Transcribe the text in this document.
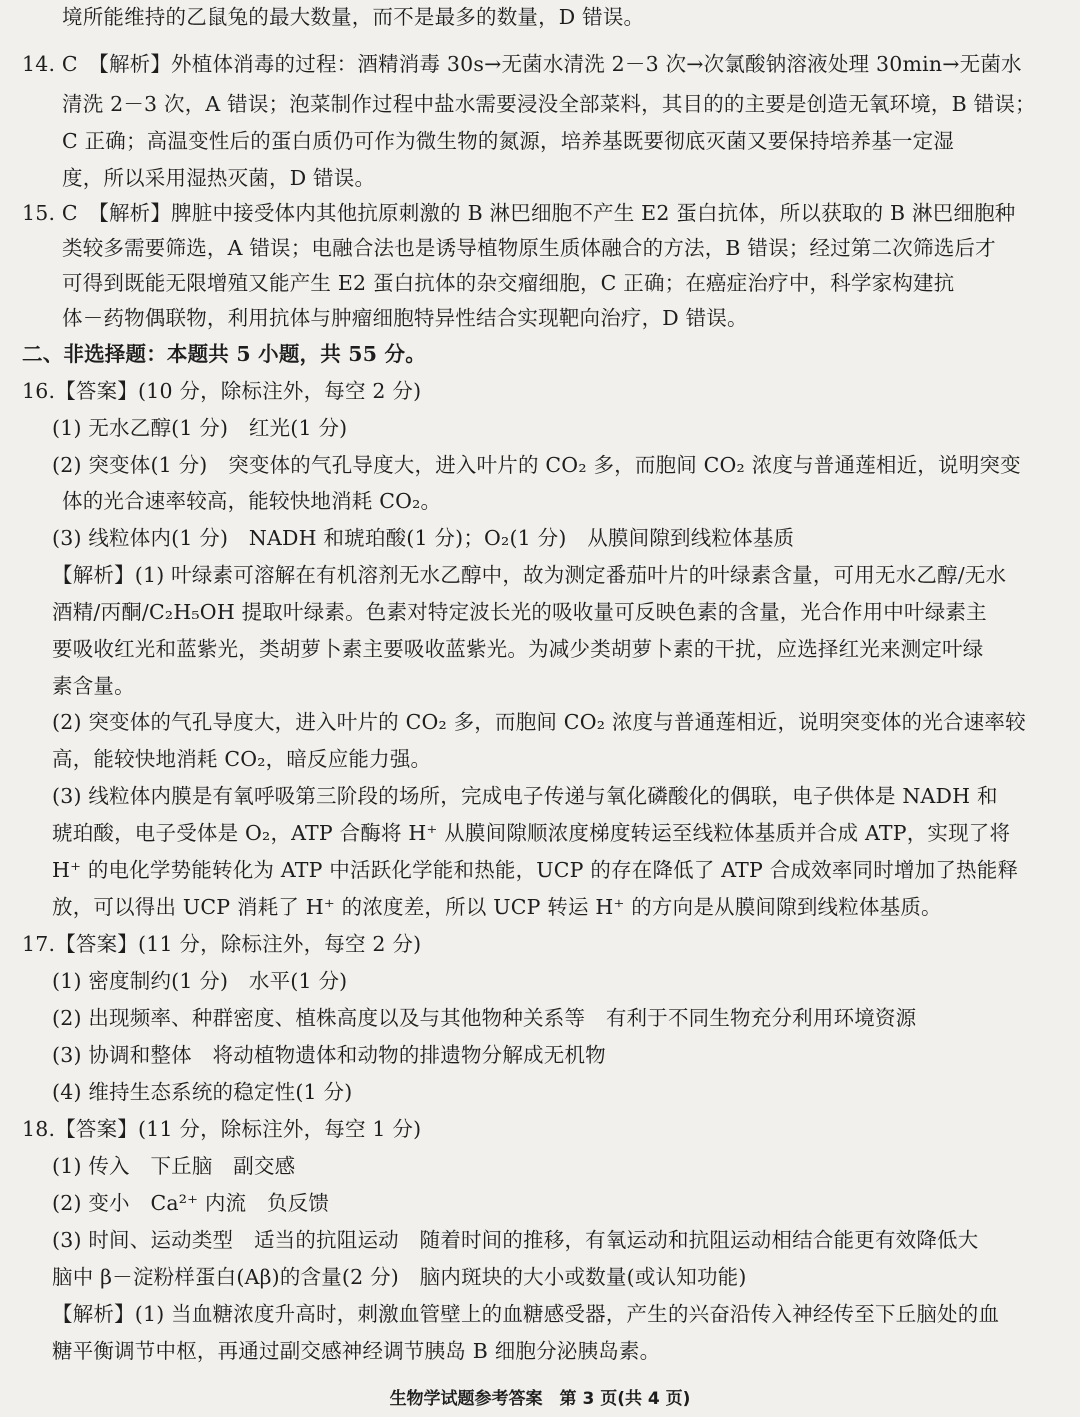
境所能维持的乙鼠兔的最大数量，而不是最多的数量，D 错误。
14. C　【解析】外植体消毒的过程：酒精消毒 30s→无菌水清洗 2－3 次→次氯酸钠溶液处理 30min→无菌水
清洗 2－3 次，A 错误；泡菜制作过程中盐水需要浸没全部菜料，其目的的主要是创造无氧环境，B 错误；
C 正确；高温变性后的蛋白质仍可作为微生物的氮源，培养基既要彻底灭菌又要保持培养基一定湿
度，所以采用湿热灭菌，D 错误。
15. C　【解析】脾脏中接受体内其他抗原刺激的 B 淋巴细胞不产生 E2 蛋白抗体，所以获取的 B 淋巴细胞种
类较多需要筛选，A 错误；电融合法也是诱导植物原生质体融合的方法，B 错误；经过第二次筛选后才
可得到既能无限增殖又能产生 E2 蛋白抗体的杂交瘤细胞，C 正确；在癌症治疗中，科学家构建抗
体－药物偶联物，利用抗体与肿瘤细胞特异性结合实现靶向治疗，D 错误。
二、非选择题：本题共 5 小题，共 55 分。
16.【答案】(10 分，除标注外，每空 2 分)
(1) 无水乙醇(1 分)　红光(1 分)
(2) 突变体(1 分)　突变体的气孔导度大，进入叶片的 CO₂ 多，而胞间 CO₂ 浓度与普通莲相近，说明突变
体的光合速率较高，能较快地消耗 CO₂。
(3) 线粒体内(1 分)　NADH 和琥珀酸(1 分)；O₂(1 分)　从膜间隙到线粒体基质
【解析】(1) 叶绿素可溶解在有机溶剂无水乙醇中，故为测定番茄叶片的叶绿素含量，可用无水乙醇/无水
酒精/丙酮/C₂H₅OH 提取叶绿素。色素对特定波长光的吸收量可反映色素的含量，光合作用中叶绿素主
要吸收红光和蓝紫光，类胡萝卜素主要吸收蓝紫光。为减少类胡萝卜素的干扰，应选择红光来测定叶绿
素含量。
(2) 突变体的气孔导度大，进入叶片的 CO₂ 多，而胞间 CO₂ 浓度与普通莲相近，说明突变体的光合速率较
高，能较快地消耗 CO₂，暗反应能力强。
(3) 线粒体内膜是有氧呼吸第三阶段的场所，完成电子传递与氧化磷酸化的偶联，电子供体是 NADH 和
琥珀酸，电子受体是 O₂，ATP 合酶将 H⁺ 从膜间隙顺浓度梯度转运至线粒体基质并合成 ATP，实现了将
H⁺ 的电化学势能转化为 ATP 中活跃化学能和热能，UCP 的存在降低了 ATP 合成效率同时增加了热能释
放，可以得出 UCP 消耗了 H⁺ 的浓度差，所以 UCP 转运 H⁺ 的方向是从膜间隙到线粒体基质。
17.【答案】(11 分，除标注外，每空 2 分)
(1) 密度制约(1 分)　水平(1 分)
(2) 出现频率、种群密度、植株高度以及与其他物种关系等　有利于不同生物充分利用环境资源
(3) 协调和整体　将动植物遗体和动物的排遗物分解成无机物
(4) 维持生态系统的稳定性(1 分)
18.【答案】(11 分，除标注外，每空 1 分)
(1) 传入　下丘脑　副交感
(2) 变小　Ca²⁺ 内流　负反馈
(3) 时间、运动类型　适当的抗阻运动　随着时间的推移，有氧运动和抗阻运动相结合能更有效降低大
脑中 β－淀粉样蛋白(Aβ)的含量(2 分)　脑内斑块的大小或数量(或认知功能)
【解析】(1) 当血糖浓度升高时，刺激血管壁上的血糖感受器，产生的兴奋沿传入神经传至下丘脑处的血
糖平衡调节中枢，再通过副交感神经调节胰岛 B 细胞分泌胰岛素。
生物学试题参考答案　第 3 页(共 4 页)
